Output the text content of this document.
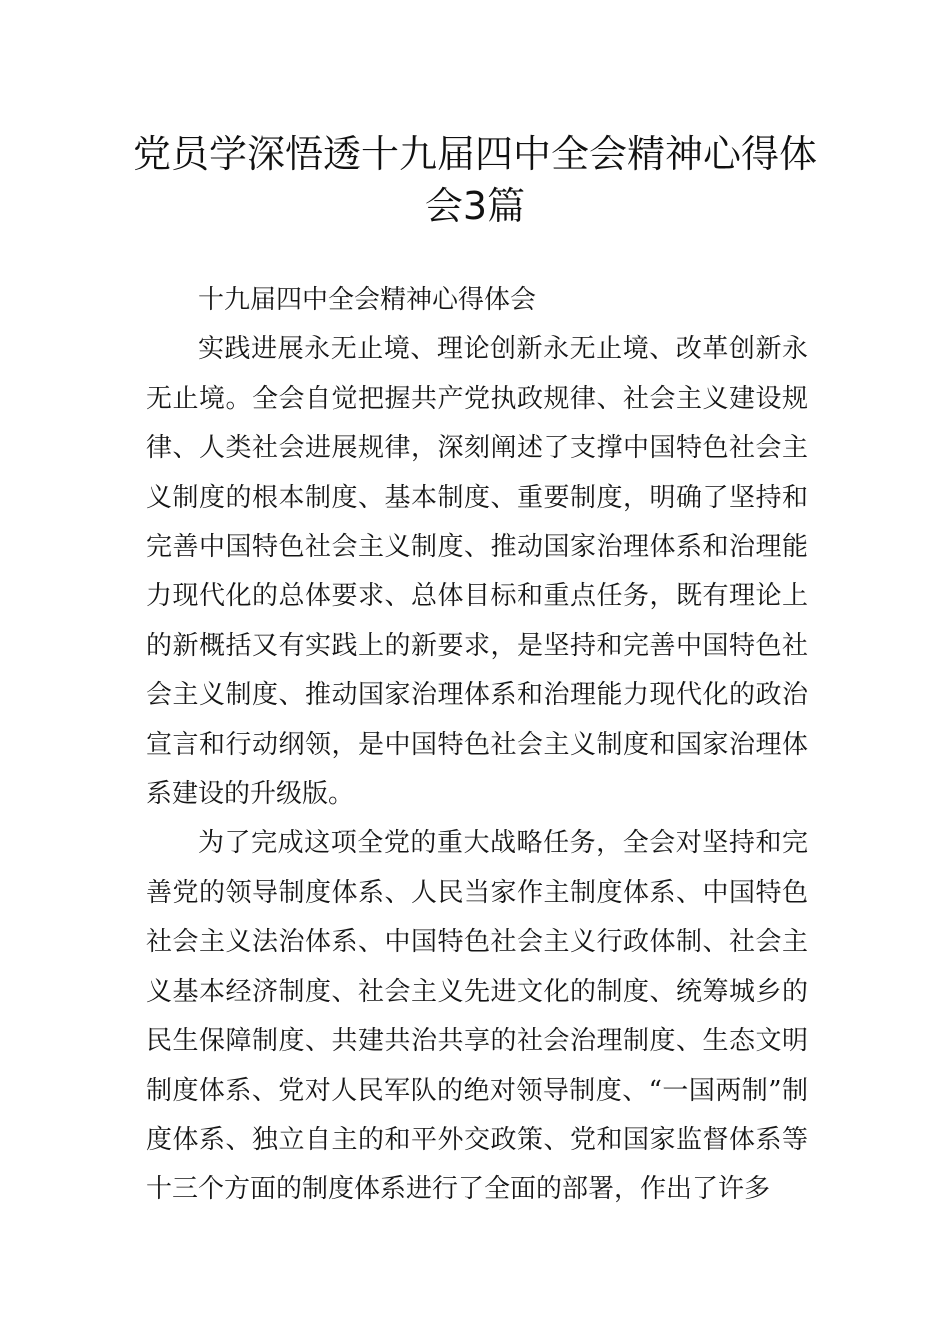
党员学深悟透十九届四中全会精神心得体会3篇

十九届四中全会精神心得体会

实践进展永无止境、理论创新永无止境、改革创新永无止境。全会自觉把握共产党执政规律、社会主义建设规律、人类社会进展规律，深刻阐述了支撑中国特色社会主义制度的根本制度、基本制度、重要制度，明确了坚持和完善中国特色社会主义制度、推动国家治理体系和治理能力现代化的总体要求、总体目标和重点任务，既有理论上的新概括又有实践上的新要求，是坚持和完善中国特色社会主义制度、推动国家治理体系和治理能力现代化的政治宣言和行动纲领，是中国特色社会主义制度和国家治理体系建设的升级版。

为了完成这项全党的重大战略任务，全会对坚持和完善党的领导制度体系、人民当家作主制度体系、中国特色社会主义法治体系、中国特色社会主义行政体制、社会主义基本经济制度、社会主义先进文化的制度、统筹城乡的民生保障制度、共建共治共享的社会治理制度、生态文明制度体系、党对人民军队的绝对领导制度、“一国两制”制度体系、独立自主的和平外交政策、党和国家监督体系等十三个方面的制度体系进行了全面的部署，作出了许多
